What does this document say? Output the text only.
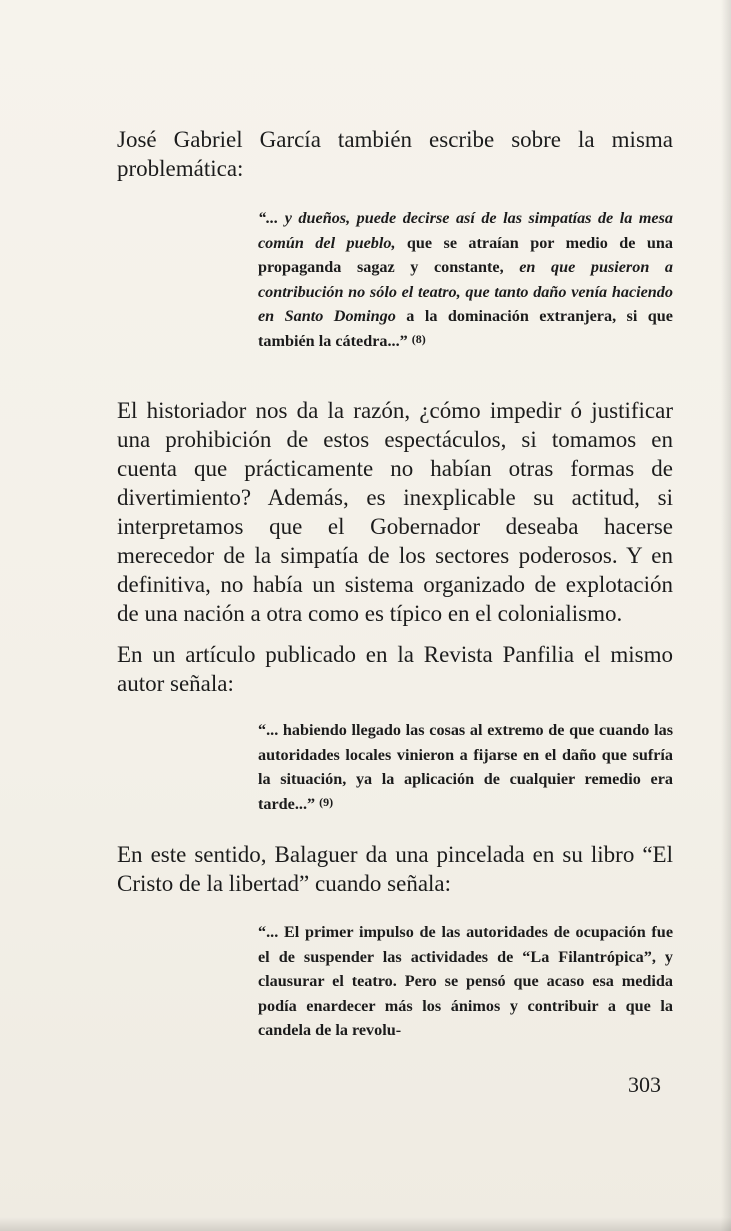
José Gabriel García también escribe sobre la misma problemática:

“... y dueños, puede decirse así de las simpatías de la mesa común del pueblo, que se atraían por medio de una propaganda sagaz y constante, en que pusieron a contribución no sólo el teatro, que tanto daño venía haciendo en Santo Domingo a la dominación extranjera, si que también la cátedra...” $^{(8)}$

El historiador nos da la razón, ¿cómo impedir ó justificar una prohibición de estos espectáculos, si tomamos en cuenta que prácticamente no habían otras formas de divertimiento? Además, es inexplicable su actitud, si interpretamos que el Gobernador deseaba hacerse merecedor de la simpatía de los sectores poderosos. Y en definitiva, no había un sistema organizado de explotación de una nación a otra como es típico en el colonialismo.

En un artículo publicado en la Revista Panfilia el mismo autor señala:

“... habiendo llegado las cosas al extremo de que cuando las autoridades locales vinieron a fijarse en el daño que sufría la situación, ya la aplicación de cualquier remedio era tarde...” $^{(9)}$

En este sentido, Balaguer da una pincelada en su libro “El Cristo de la libertad” cuando señala:

“... El primer impulso de las autoridades de ocupación fue el de suspender las actividades de “La Filantrópica”, y clausurar el teatro. Pero se pensó que acaso esa medida podía enardecer más los ánimos y contribuir a que la candela de la revolu-

303
